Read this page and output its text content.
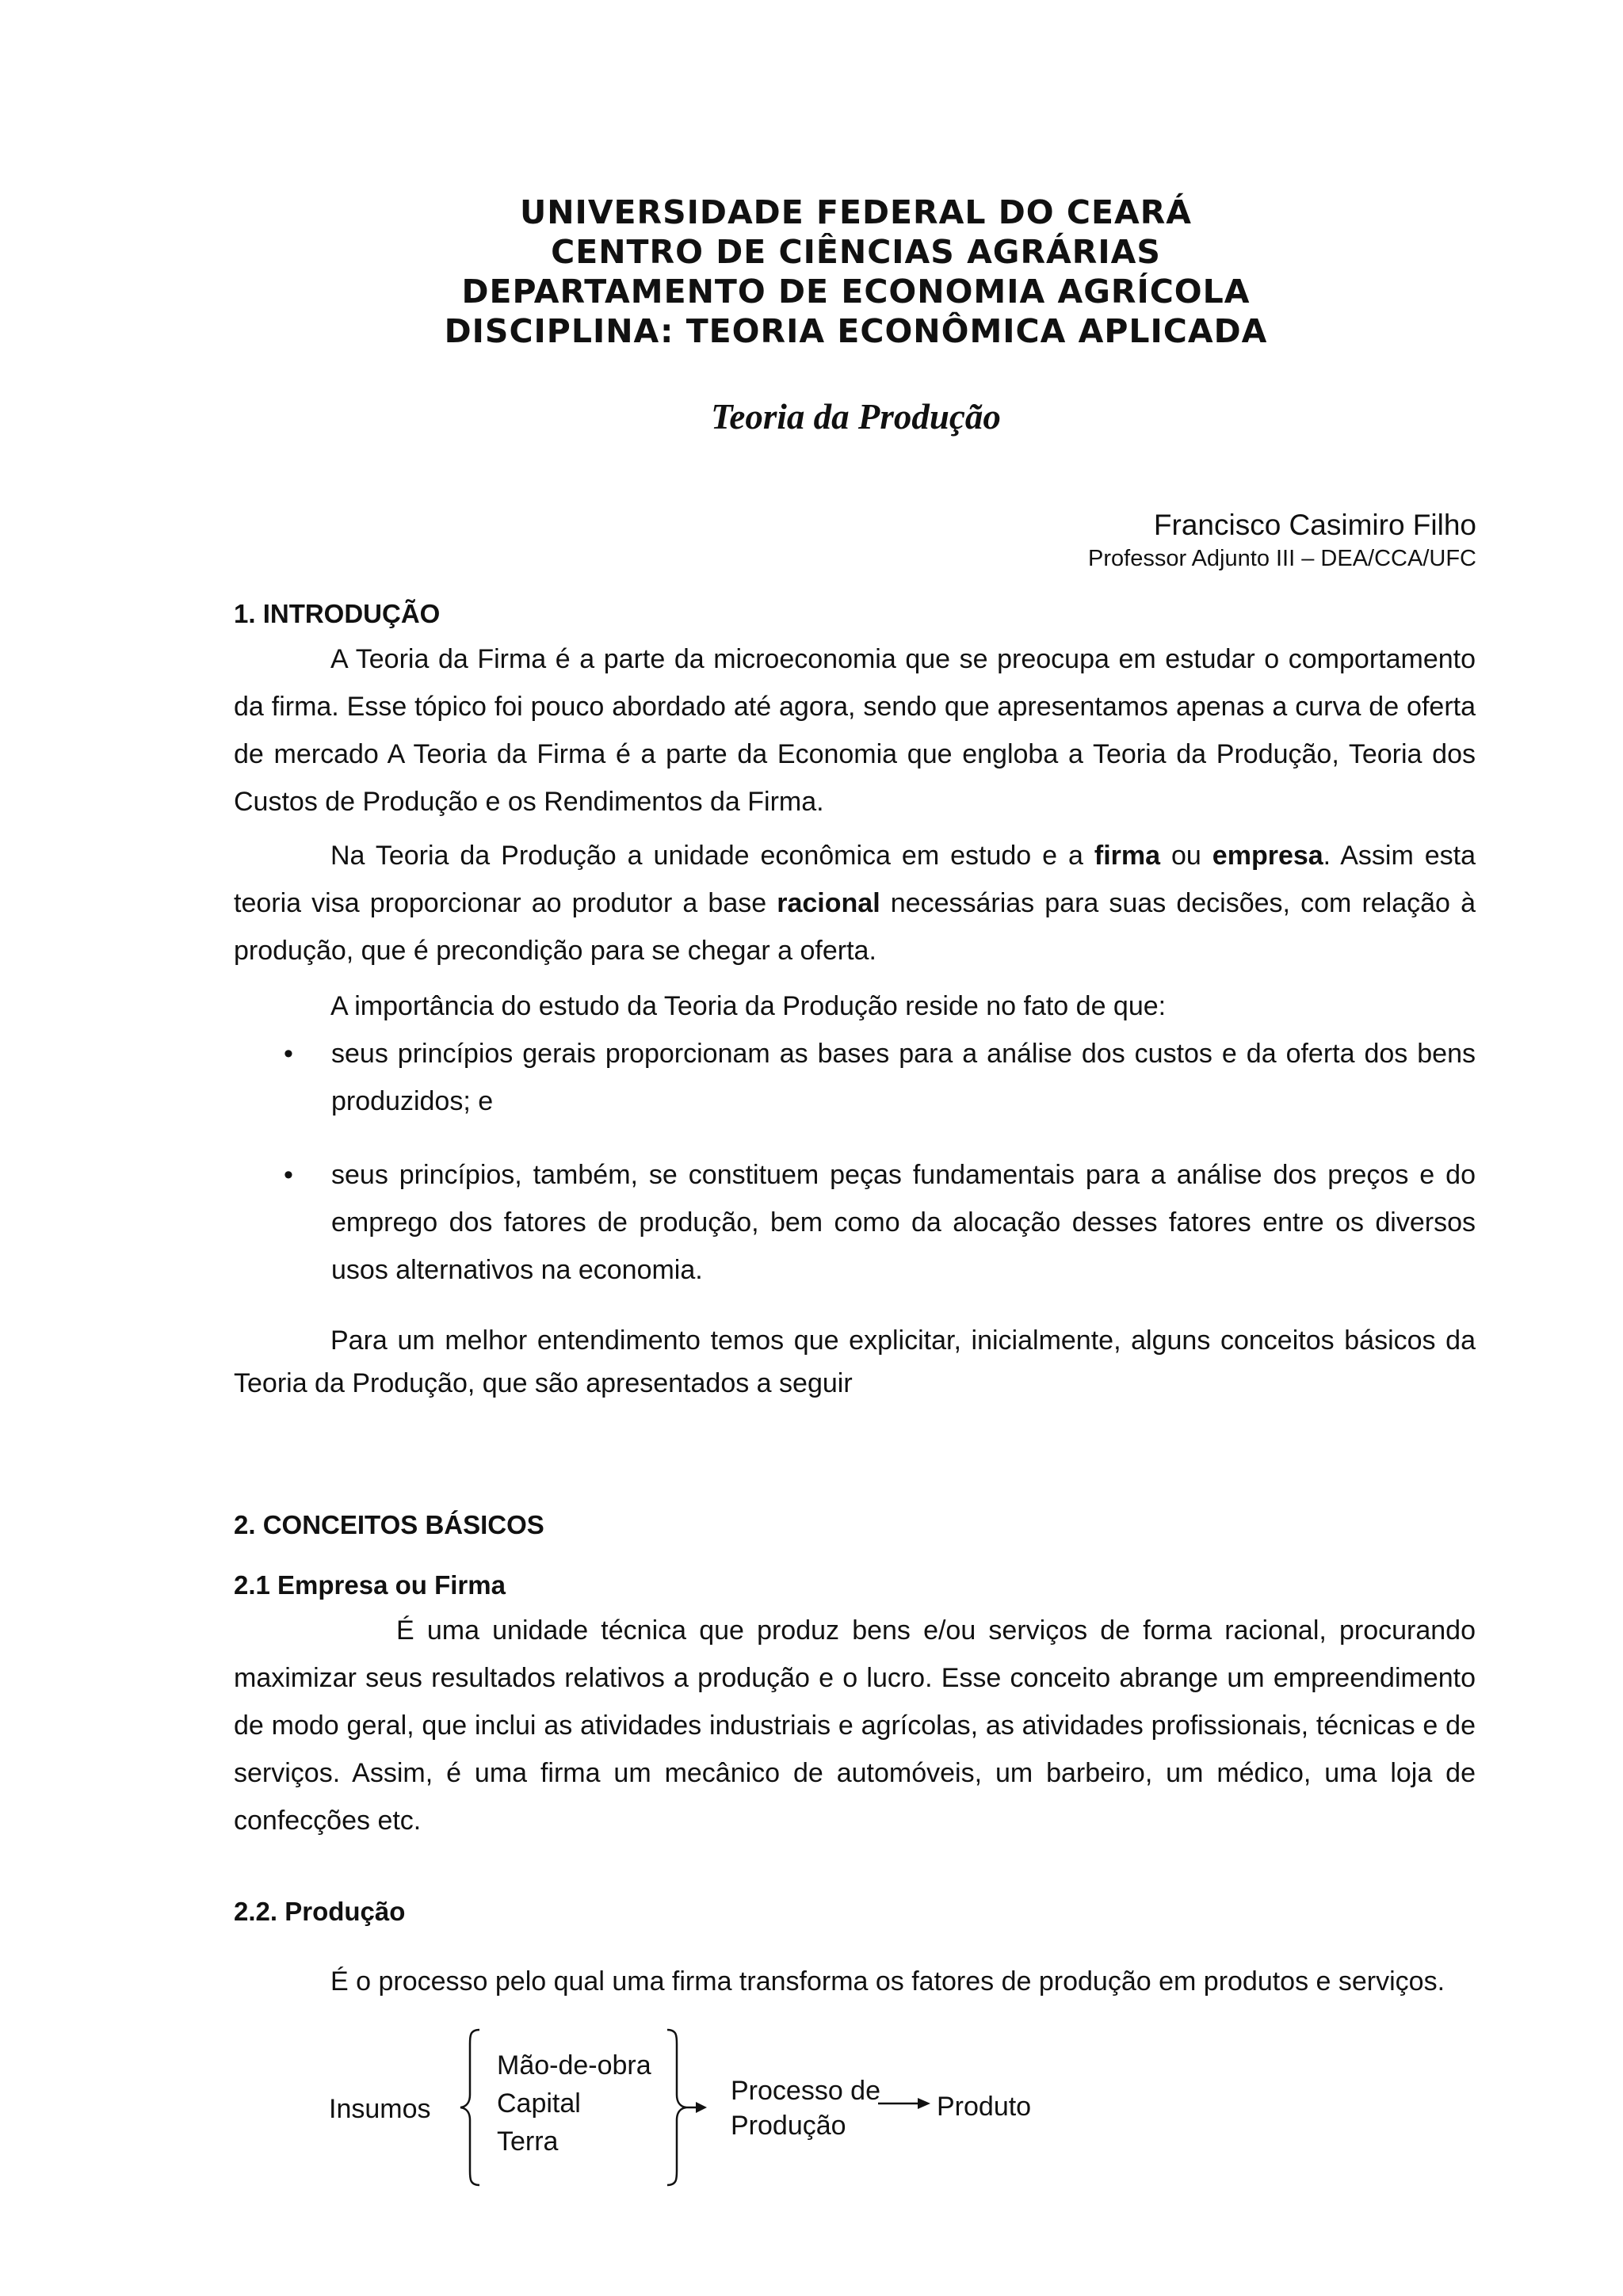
UNIVERSIDADE FEDERAL DO CEARÁ
CENTRO DE CIÊNCIAS AGRÁRIAS
DEPARTAMENTO DE ECONOMIA AGRÍCOLA
DISCIPLINA: TEORIA ECONÔMICA APLICADA
Teoria da Produção
Francisco Casimiro Filho
Professor Adjunto III – DEA/CCA/UFC

1. INTRODUÇÃO

A Teoria da Firma é a parte da microeconomia que se preocupa em estudar o comportamento da firma. Esse tópico foi pouco abordado até agora, sendo que apresentamos apenas a curva de oferta de mercado A Teoria da Firma é a parte da Economia que engloba a Teoria da Produção, Teoria dos Custos de Produção e os Rendimentos da Firma.

Na Teoria da Produção a unidade econômica em estudo e a firma ou empresa. Assim esta teoria visa proporcionar ao produtor a base racional necessárias para suas decisões, com relação à produção, que é precondição para se chegar a oferta.

A importância do estudo da Teoria da Produção reside no fato de que:

• seus princípios gerais proporcionam as bases para a análise dos custos e da oferta dos bens produzidos; e
• seus princípios, também, se constituem peças fundamentais para a análise dos preços e do emprego dos fatores de produção, bem como da alocação desses fatores entre os diversos usos alternativos na economia.

Para um melhor entendimento temos que explicitar, inicialmente, alguns conceitos básicos da Teoria da Produção, que são apresentados a seguir

2. CONCEITOS BÁSICOS

2.1 Empresa ou Firma

É uma unidade técnica que produz bens e/ou serviços de forma racional, procurando maximizar seus resultados relativos a produção e o lucro. Esse conceito abrange um empreendimento de modo geral, que inclui as atividades industriais e agrícolas, as atividades profissionais, técnicas e de serviços. Assim, é uma firma um mecânico de automóveis, um barbeiro, um médico, uma loja de confecções etc.

2.2. Produção

É o processo pelo qual uma firma transforma os fatores de produção em produtos e serviços.

Insumos
Mão-de-obra
Capital
Terra
Processo de
Produção
Produto
